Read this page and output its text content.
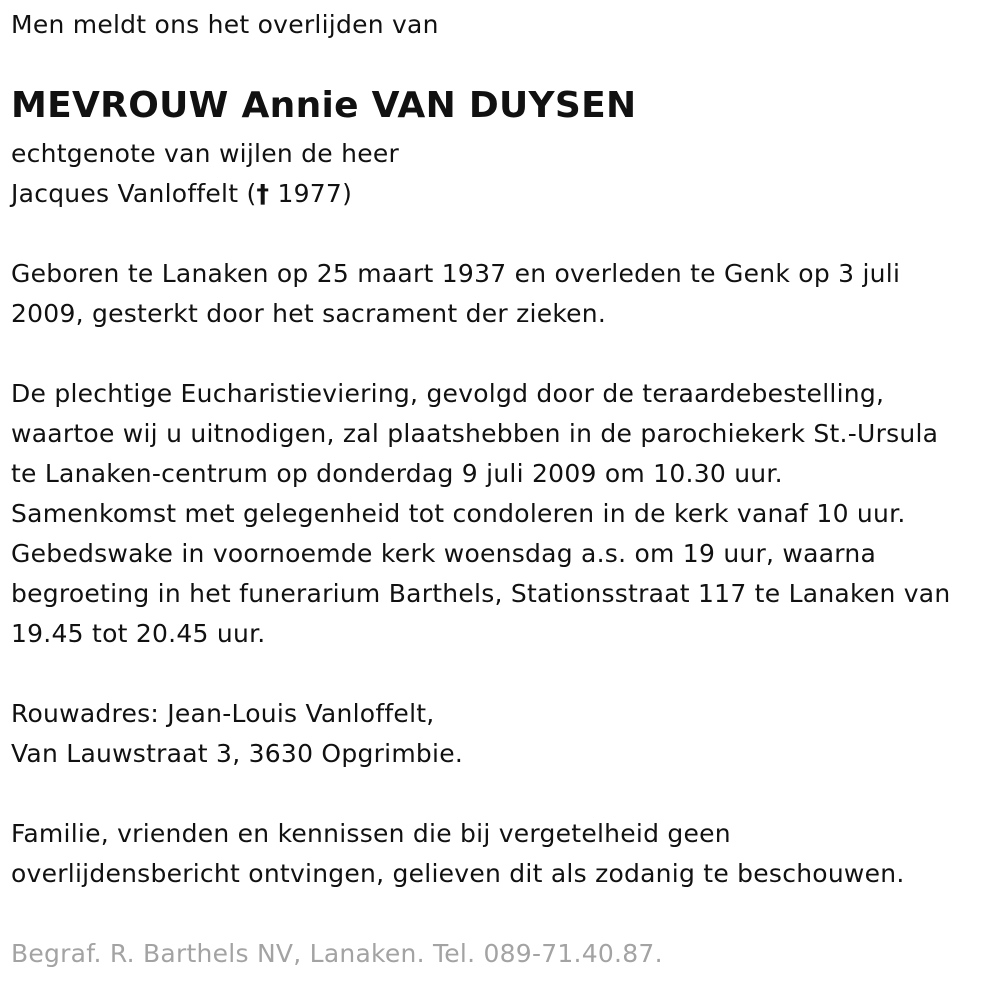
Men meldt ons het overlijden van
MEVROUW Annie VAN DUYSEN
echtgenote van wijlen de heer
Jacques Vanloffelt († 1977)
Geboren te Lanaken op 25 maart 1937 en overleden te Genk op 3 juli
2009, gesterkt door het sacrament der zieken.
De plechtige Eucharistieviering, gevolgd door de teraardebestelling,
waartoe wij u uitnodigen, zal plaatshebben in de parochiekerk St.-Ursula
te Lanaken-centrum op donderdag 9 juli 2009 om 10.30 uur.
Samenkomst met gelegenheid tot condoleren in de kerk vanaf 10 uur.
Gebedswake in voornoemde kerk woensdag a.s. om 19 uur, waarna
begroeting in het funerarium Barthels, Stationsstraat 117 te Lanaken van
19.45 tot 20.45 uur.
Rouwadres: Jean-Louis Vanloffelt,
Van Lauwstraat 3, 3630 Opgrimbie.
Familie, vrienden en kennissen die bij vergetelheid geen
overlijdensbericht ontvingen, gelieven dit als zodanig te beschouwen.
Begraf. R. Barthels NV, Lanaken. Tel. 089-71.40.87.
